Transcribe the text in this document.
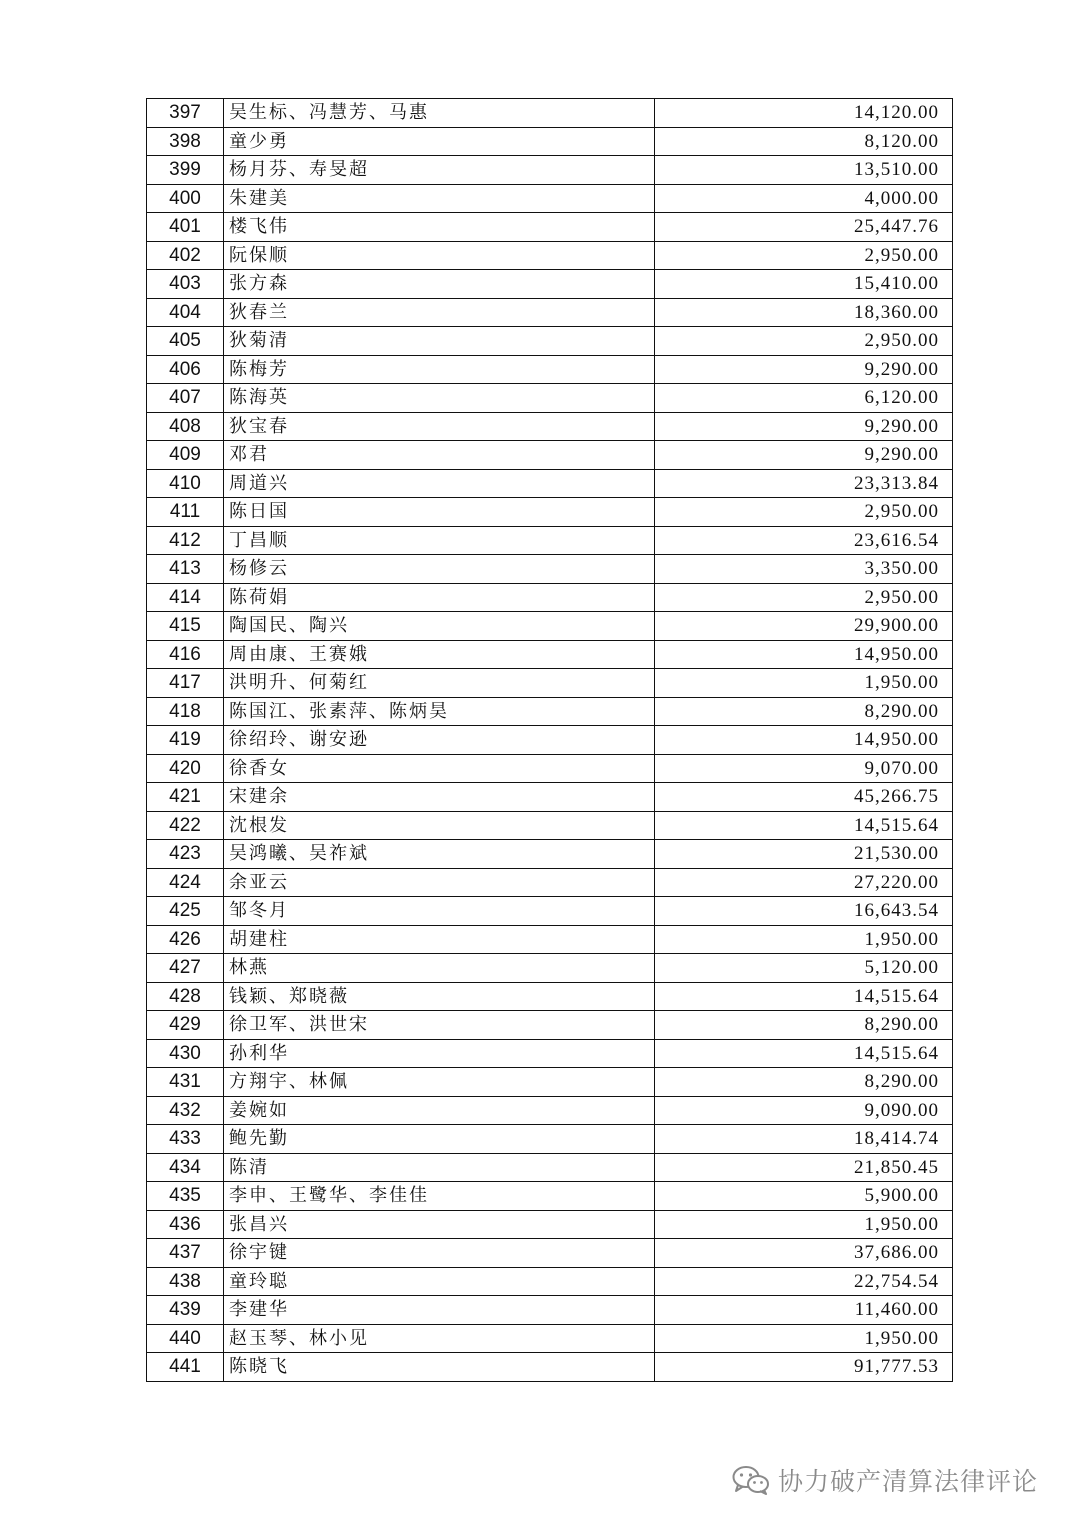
397	吴生标、冯慧芳、马惠	14,120.00
398	童少勇	8,120.00
399	杨月芬、寿旻超	13,510.00
400	朱建美	4,000.00
401	楼飞伟	25,447.76
402	阮保顺	2,950.00
403	张方森	15,410.00
404	狄春兰	18,360.00
405	狄菊清	2,950.00
406	陈梅芳	9,290.00
407	陈海英	6,120.00
408	狄宝春	9,290.00
409	邓君	9,290.00
410	周道兴	23,313.84
411	陈日国	2,950.00
412	丁昌顺	23,616.54
413	杨修云	3,350.00
414	陈荷娟	2,950.00
415	陶国民、陶兴	29,900.00
416	周由康、王赛娥	14,950.00
417	洪明升、何菊红	1,950.00
418	陈国江、张素萍、陈炳昊	8,290.00
419	徐绍玲、谢安逊	14,950.00
420	徐香女	9,070.00
421	宋建余	45,266.75
422	沈根发	14,515.64
423	吴鸿曦、吴祚斌	21,530.00
424	余亚云	27,220.00
425	邹冬月	16,643.54
426	胡建柱	1,950.00
427	林燕	5,120.00
428	钱颖、郑晓薇	14,515.64
429	徐卫军、洪世宋	8,290.00
430	孙利华	14,515.64
431	方翔宇、林佩	8,290.00
432	姜婉如	9,090.00
433	鲍先勤	18,414.74
434	陈清	21,850.45
435	李申、王鹭华、李佳佳	5,900.00
436	张昌兴	1,950.00
437	徐宇键	37,686.00
438	童玲聪	22,754.54
439	李建华	11,460.00
440	赵玉琴、林小见	1,950.00
441	陈晓飞	91,777.53
协力破产清算法律评论
